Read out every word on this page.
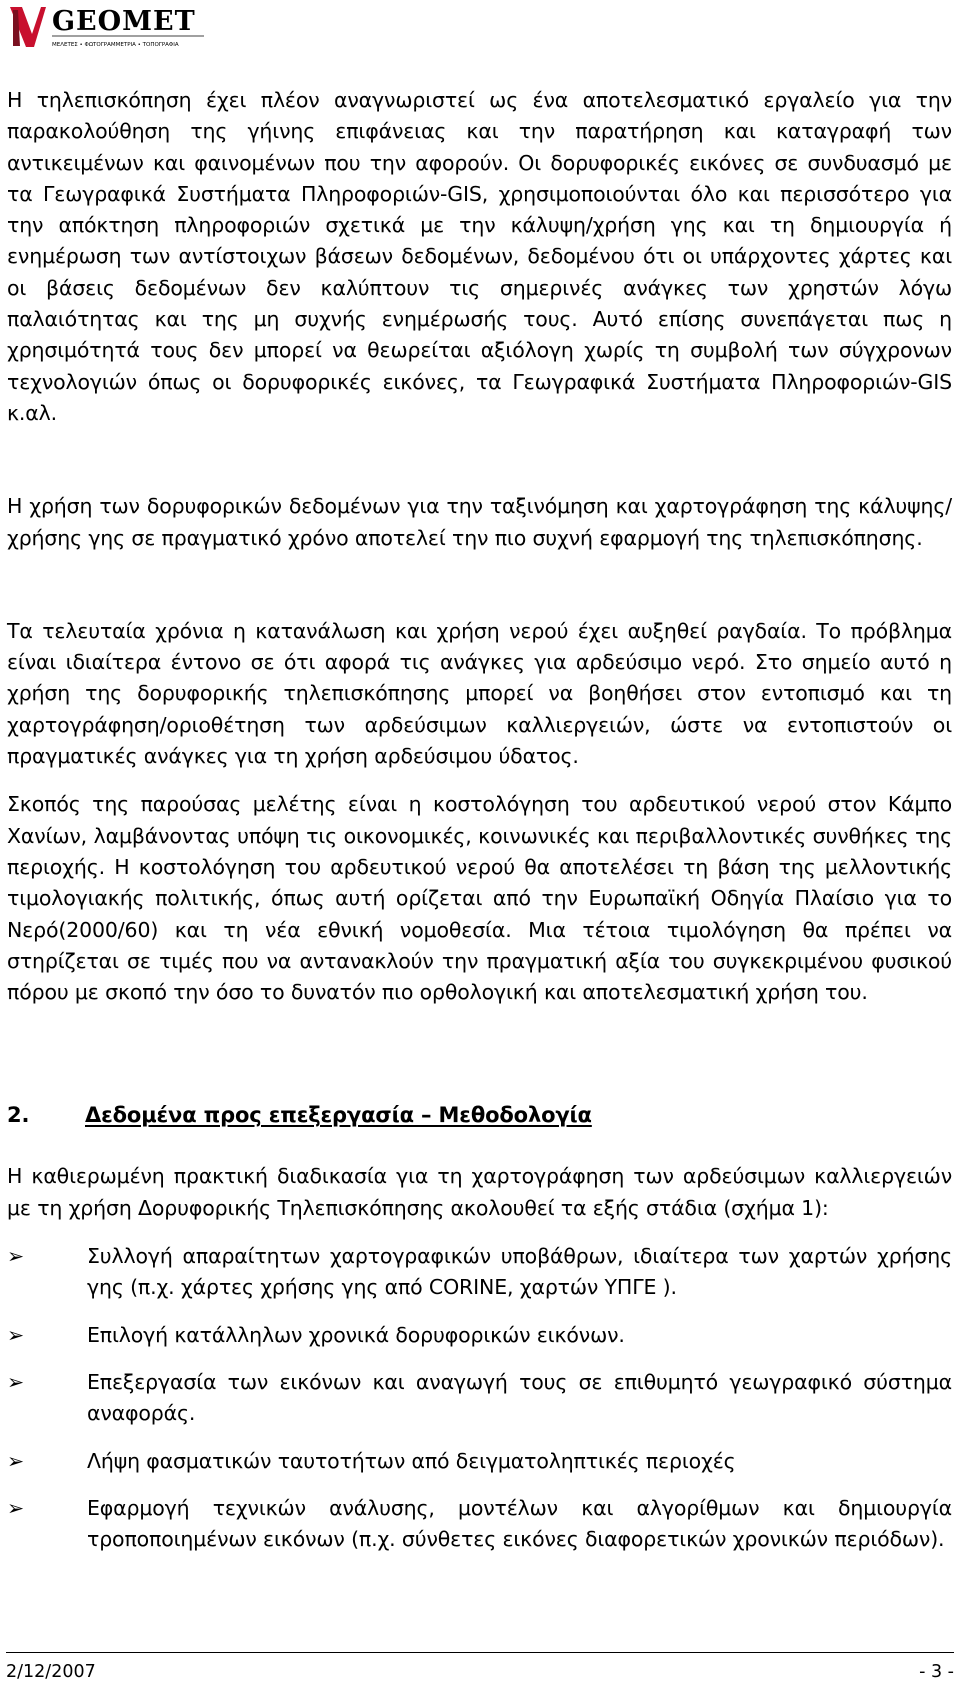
GEOMET
ΜΕΛΕΤΕΣ • ΦΩΤΟΓΡΑΜΜΕΤΡΙΑ • ΤΟΠΟΓΡΑΦΙΑ

Η τηλεπισκόπηση έχει πλέον αναγνωριστεί ως ένα αποτελεσματικό εργαλείο για την παρακολούθηση της γήινης επιφάνειας και την παρατήρηση και καταγραφή των αντικειμένων και φαινομένων που την αφορούν. Οι δορυφορικές εικόνες σε συνδυασμό με τα Γεωγραφικά Συστήματα Πληροφοριών-GIS, χρησιμοποιούνται όλο και περισσότερο για την απόκτηση πληροφοριών σχετικά με την κάλυψη/χρήση γης και τη δημιουργία ή ενημέρωση των αντίστοιχων βάσεων δεδομένων, δεδομένου ότι οι υπάρχοντες χάρτες και οι βάσεις δεδομένων δεν καλύπτουν τις σημερινές ανάγκες των χρηστών λόγω παλαιότητας και της μη συχνής ενημέρωσής τους. Αυτό επίσης συνεπάγεται πως η χρησιμότητά τους δεν μπορεί να θεωρείται αξιόλογη χωρίς τη συμβολή των σύγχρονων τεχνολογιών όπως οι δορυφορικές εικόνες, τα Γεωγραφικά Συστήματα Πληροφοριών-GIS κ.αλ.

Η χρήση των δορυφορικών δεδομένων για την ταξινόμηση και χαρτογράφηση της κάλυψης/χρήσης γης σε πραγματικό χρόνο αποτελεί την πιο συχνή εφαρμογή της τηλεπισκόπησης.

Τα τελευταία χρόνια η κατανάλωση και χρήση νερού έχει αυξηθεί ραγδαία. Το πρόβλημα είναι ιδιαίτερα έντονο σε ότι αφορά τις ανάγκες για αρδεύσιμο νερό. Στο σημείο αυτό η χρήση της δορυφορικής τηλεπισκόπησης μπορεί να βοηθήσει στον εντοπισμό και τη χαρτογράφηση/οριοθέτηση των αρδεύσιμων καλλιεργειών, ώστε να εντοπιστούν οι πραγματικές ανάγκες για τη χρήση αρδεύσιμου ύδατος.

Σκοπός της παρούσας μελέτης είναι η κοστολόγηση του αρδευτικού νερού στον Κάμπο Χανίων, λαμβάνοντας υπόψη τις οικονομικές, κοινωνικές και περιβαλλοντικές συνθήκες της περιοχής. Η κοστολόγηση του αρδευτικού νερού θα αποτελέσει τη βάση της μελλοντικής τιμολογιακής πολιτικής, όπως αυτή ορίζεται από την Ευρωπαϊκή Οδηγία Πλαίσιο για το Νερό(2000/60) και τη νέα εθνική νομοθεσία. Μια τέτοια τιμολόγηση θα πρέπει να στηρίζεται σε τιμές που να αντανακλούν την πραγματική αξία του συγκεκριμένου φυσικού πόρου με σκοπό την όσο το δυνατόν πιο ορθολογική και αποτελεσματική χρήση του.

2.	Δεδομένα προς επεξεργασία – Μεθοδολογία

Η καθιερωμένη πρακτική διαδικασία για τη χαρτογράφηση των αρδεύσιμων καλλιεργειών με τη χρήση Δορυφορικής Τηλεπισκόπησης ακολουθεί τα εξής στάδια (σχήμα 1):

➢	Συλλογή απαραίτητων χαρτογραφικών υποβάθρων, ιδιαίτερα των χαρτών χρήσης γης (π.χ. χάρτες χρήσης γης από CORINE, χαρτών ΥΠΓΕ ).
➢	Επιλογή κατάλληλων χρονικά δορυφορικών εικόνων.
➢	Επεξεργασία των εικόνων και αναγωγή τους σε επιθυμητό γεωγραφικό σύστημα αναφοράς.
➢	Λήψη φασματικών ταυτοτήτων από δειγματοληπτικές περιοχές
➢	Εφαρμογή τεχνικών ανάλυσης, μοντέλων και αλγορίθμων και δημιουργία τροποποιημένων εικόνων (π.χ. σύνθετες εικόνες διαφορετικών χρονικών περιόδων).
2/12/2007	- 3 -
